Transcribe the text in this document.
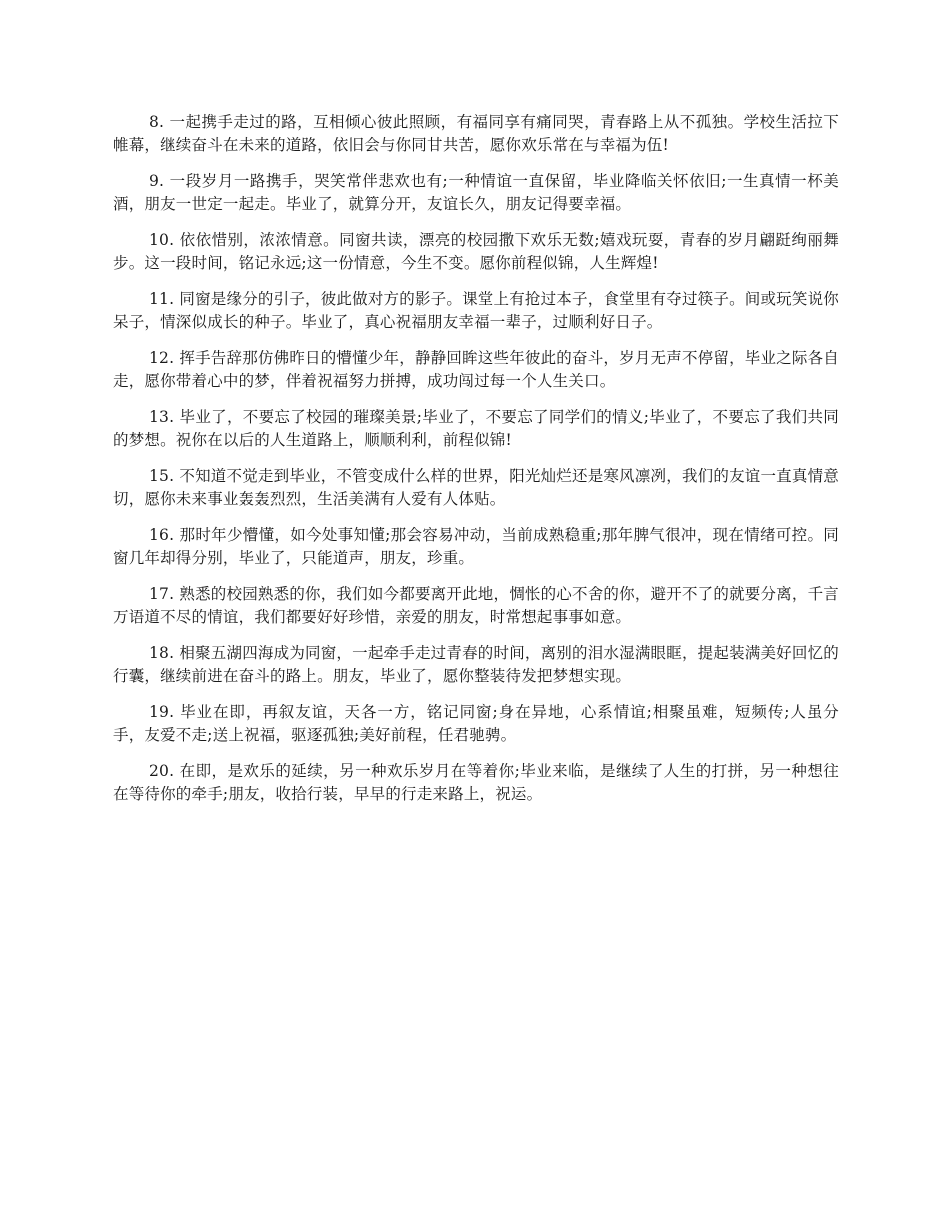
8. 一起携手走过的路，互相倾心彼此照顾，有福同享有痛同哭，青春路上从不孤独。学校生活拉下帷幕，继续奋斗在未来的道路，依旧会与你同甘共苦，愿你欢乐常在与幸福为伍!

9. 一段岁月一路携手，哭笑常伴悲欢也有;一种情谊一直保留，毕业降临关怀依旧;一生真情一杯美酒，朋友一世定一起走。毕业了，就算分开，友谊长久，朋友记得要幸福。

10. 依依惜别，浓浓情意。同窗共读，漂亮的校园撒下欢乐无数;嬉戏玩耍，青春的岁月翩跹绚丽舞步。这一段时间，铭记永远;这一份情意，今生不变。愿你前程似锦，人生辉煌!

11. 同窗是缘分的引子，彼此做对方的影子。课堂上有抢过本子，食堂里有夺过筷子。间或玩笑说你呆子，情深似成长的种子。毕业了，真心祝福朋友幸福一辈子，过顺利好日子。

12. 挥手告辞那仿佛昨日的懵懂少年，静静回眸这些年彼此的奋斗，岁月无声不停留，毕业之际各自走，愿你带着心中的梦，伴着祝福努力拼搏，成功闯过每一个人生关口。

13. 毕业了，不要忘了校园的璀璨美景;毕业了，不要忘了同学们的情义;毕业了，不要忘了我们共同的梦想。祝你在以后的人生道路上，顺顺利利，前程似锦!

15. 不知道不觉走到毕业，不管变成什么样的世界，阳光灿烂还是寒风凛冽，我们的友谊一直真情意切，愿你未来事业轰轰烈烈，生活美满有人爱有人体贴。

16. 那时年少懵懂，如今处事知懂;那会容易冲动，当前成熟稳重;那年脾气很冲，现在情绪可控。同窗几年却得分别，毕业了，只能道声，朋友，珍重。

17. 熟悉的校园熟悉的你，我们如今都要离开此地，惆怅的心不舍的你，避开不了的就要分离，千言万语道不尽的情谊，我们都要好好珍惜，亲爱的朋友，时常想起事事如意。

18. 相聚五湖四海成为同窗，一起牵手走过青春的时间，离别的泪水湿满眼眶，提起装满美好回忆的行囊，继续前进在奋斗的路上。朋友，毕业了，愿你整装待发把梦想实现。

19. 毕业在即，再叙友谊，天各一方，铭记同窗;身在异地，心系情谊;相聚虽难，短频传;人虽分手，友爱不走;送上祝福，驱逐孤独;美好前程，任君驰骋。

20. 在即，是欢乐的延续，另一种欢乐岁月在等着你;毕业来临，是继续了人生的打拼，另一种想往在等待你的牵手;朋友，收拾行装，早早的行走来路上，祝运。
